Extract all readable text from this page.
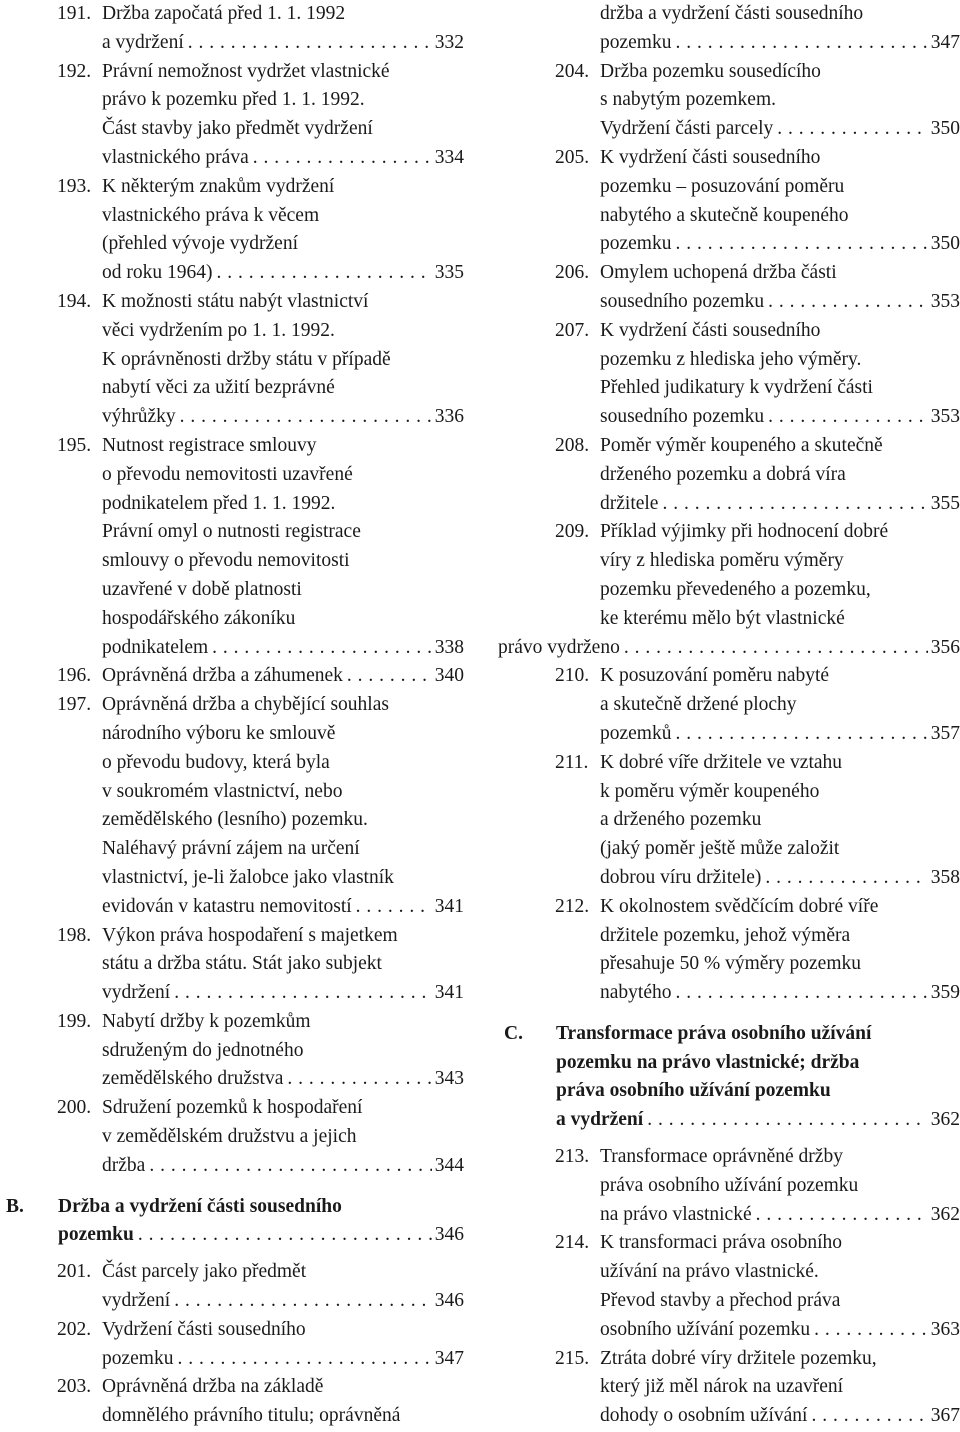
191. Držba započatá před 1. 1. 1992
a vydržení . . .	332
192. Právní nemožnost vydržet vlastnické
právo k pozemku před 1. 1. 1992.
Část stavby jako předmět vydržení
vlastnického práva . . .	334
193. K některým znakům vydržení
vlastnického práva k věcem
(přehled vývoje vydržení
od roku 1964) . . .	335
194. K možnosti státu nabýt vlastnictví
věci vydržením po 1. 1. 1992.
K oprávněnosti držby státu v případě
nabytí věci za užití bezprávné
výhrůžky . . .	336
195. Nutnost registrace smlouvy
o převodu nemovitosti uzavřené
podnikatelem před 1. 1. 1992.
Právní omyl o nutnosti registrace
smlouvy o převodu nemovitosti
uzavřené v době platnosti
hospodářského zákoníku
podnikatelem . . .	338
196. Oprávněná držba a záhumenek . . .	340
197. Oprávněná držba a chybějící souhlas
národního výboru ke smlouvě
o převodu budovy, která byla
v soukromém vlastnictví, nebo
zemědělského (lesního) pozemku.
Naléhavý právní zájem na určení
vlastnictví, je-li žalobce jako vlastník
evidován v katastru nemovitostí . . .	341
198. Výkon práva hospodaření s majetkem
státu a držba státu. Stát jako subjekt
vydržení . . .	341
199. Nabytí držby k pozemkům
sdruženým do jednotného
zemědělského družstva . . .	343
200. Sdružení pozemků k hospodaření
v zemědělském družstvu a jejich
držba . . .	344
B. Držba a vydržení části sousedního
pozemku . . .	346
201. Část parcely jako předmět
vydržení . . .	346
202. Vydržení části sousedního
pozemku . . .	347
203. Oprávněná držba na základě
domnělého právního titulu; oprávněná
držba a vydržení části sousedního
pozemku . . .	347
204. Držba pozemku sousedícího
s nabytým pozemkem.
Vydržení části parcely . . .	350
205. K vydržení části sousedního
pozemku – posuzování poměru
nabytého a skutečně koupeného
pozemku . . .	350
206. Omylem uchopená držba části
sousedního pozemku . . .	353
207. K vydržení části sousedního
pozemku z hlediska jeho výměry.
Přehled judikatury k vydržení části
sousedního pozemku . . .	353
208. Poměr výměr koupeného a skutečně
drženého pozemku a dobrá víra
držitele . . .	355
209. Příklad výjimky při hodnocení dobré
víry z hlediska poměru výměry
pozemku převedeného a pozemku,
ke kterému mělo být vlastnické
právo vydrženo . . .	356
210. K posuzování poměru nabyté
a skutečně držené plochy
pozemků . . .	357
211. K dobré víře držitele ve vztahu
k poměru výměr koupeného
a drženého pozemku
(jaký poměr ještě může založit
dobrou víru držitele) . . .	358
212. K okolnostem svědčícím dobré víře
držitele pozemku, jehož výměra
přesahuje 50 % výměry pozemku
nabytého . . .	359
C. Transformace práva osobního užívání
pozemku na právo vlastnické; držba
práva osobního užívání pozemku
a vydržení . . .	362
213. Transformace oprávněné držby
práva osobního užívání pozemku
na právo vlastnické . . .	362
214. K transformaci práva osobního
užívání na právo vlastnické.
Převod stavby a přechod práva
osobního užívání pozemku . . .	363
215. Ztráta dobré víry držitele pozemku,
který již měl nárok na uzavření
dohody o osobním užívání . . .	367
